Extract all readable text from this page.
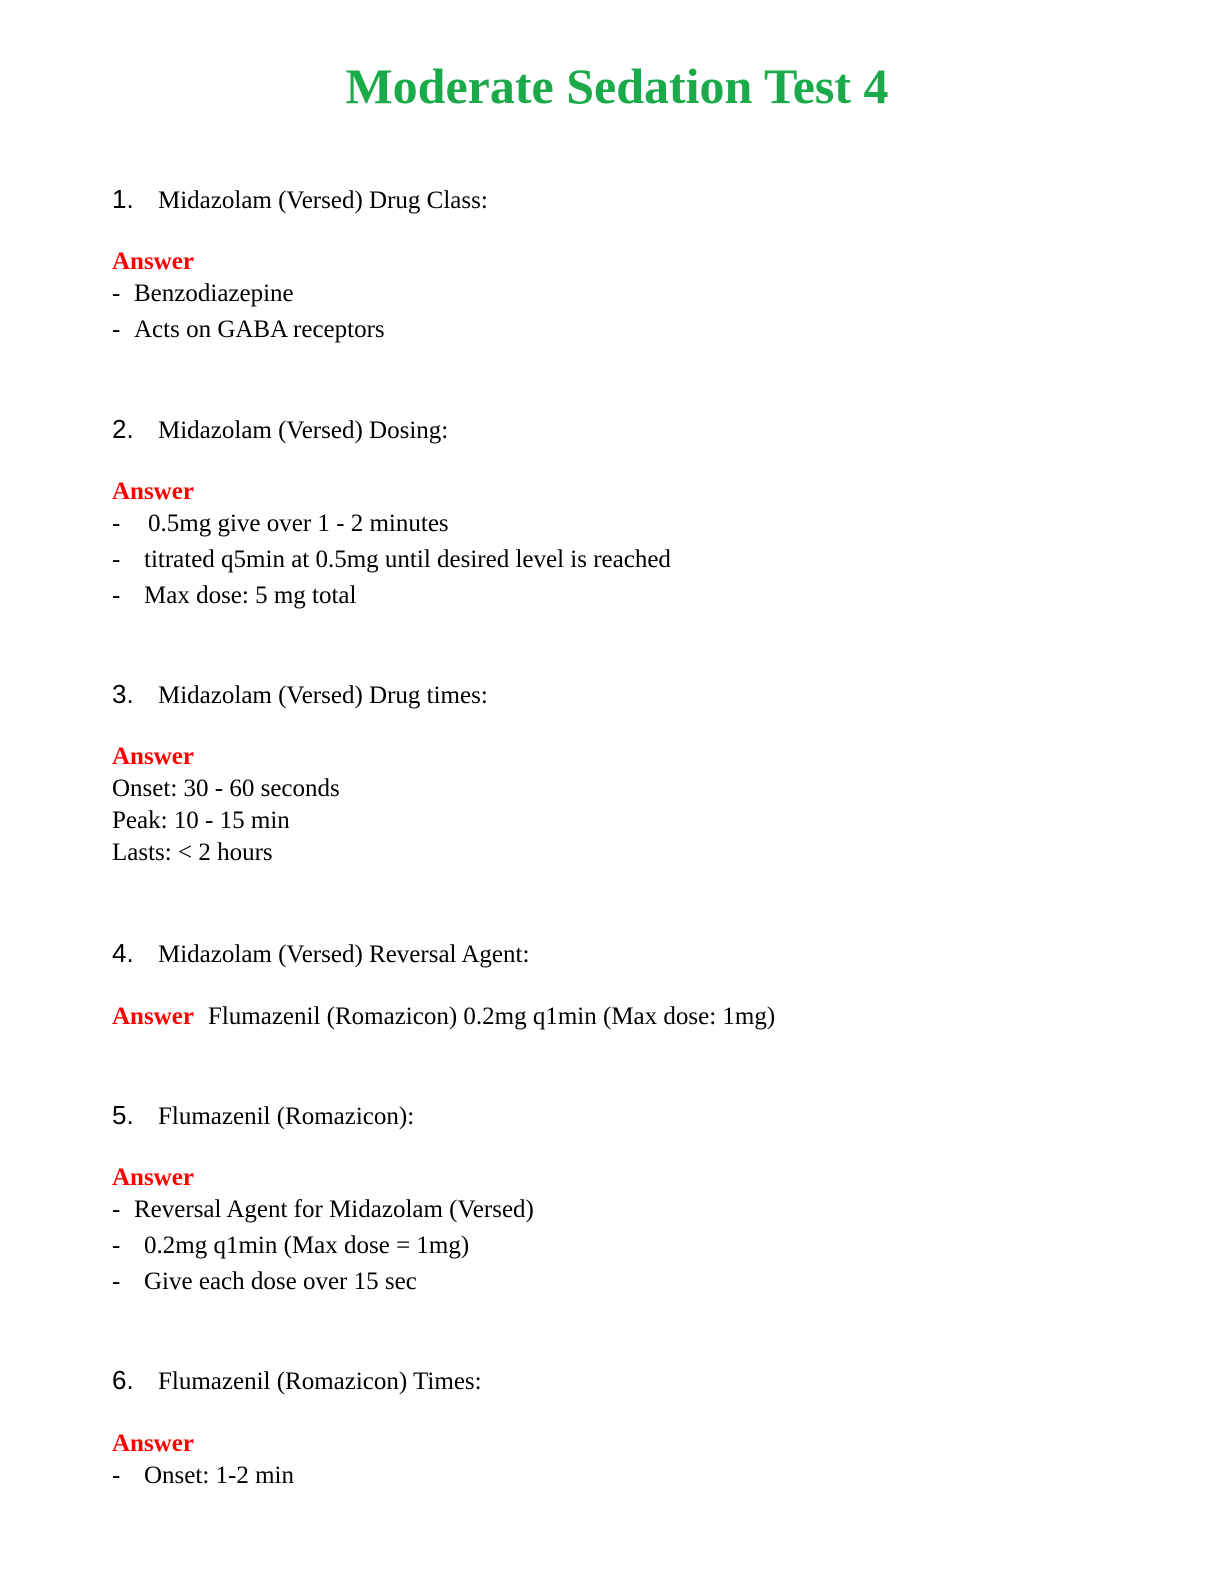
Moderate Sedation Test 4
1. Midazolam (Versed) Drug Class:
Answer
- Benzodiazepine
- Acts on GABA receptors
2. Midazolam (Versed) Dosing:
Answer
- 0.5mg give over 1 - 2 minutes
- titrated q5min at 0.5mg until desired level is reached
- Max dose: 5 mg total
3. Midazolam (Versed) Drug times:
Answer
Onset: 30 - 60 seconds
Peak: 10 - 15 min
Lasts: < 2 hours
4. Midazolam (Versed) Reversal Agent:
Answer Flumazenil (Romazicon) 0.2mg q1min (Max dose: 1mg)
5. Flumazenil (Romazicon):
Answer
- Reversal Agent for Midazolam (Versed)
- 0.2mg q1min (Max dose = 1mg)
- Give each dose over 15 sec
6. Flumazenil (Romazicon) Times:
Answer
- Onset: 1-2 min
